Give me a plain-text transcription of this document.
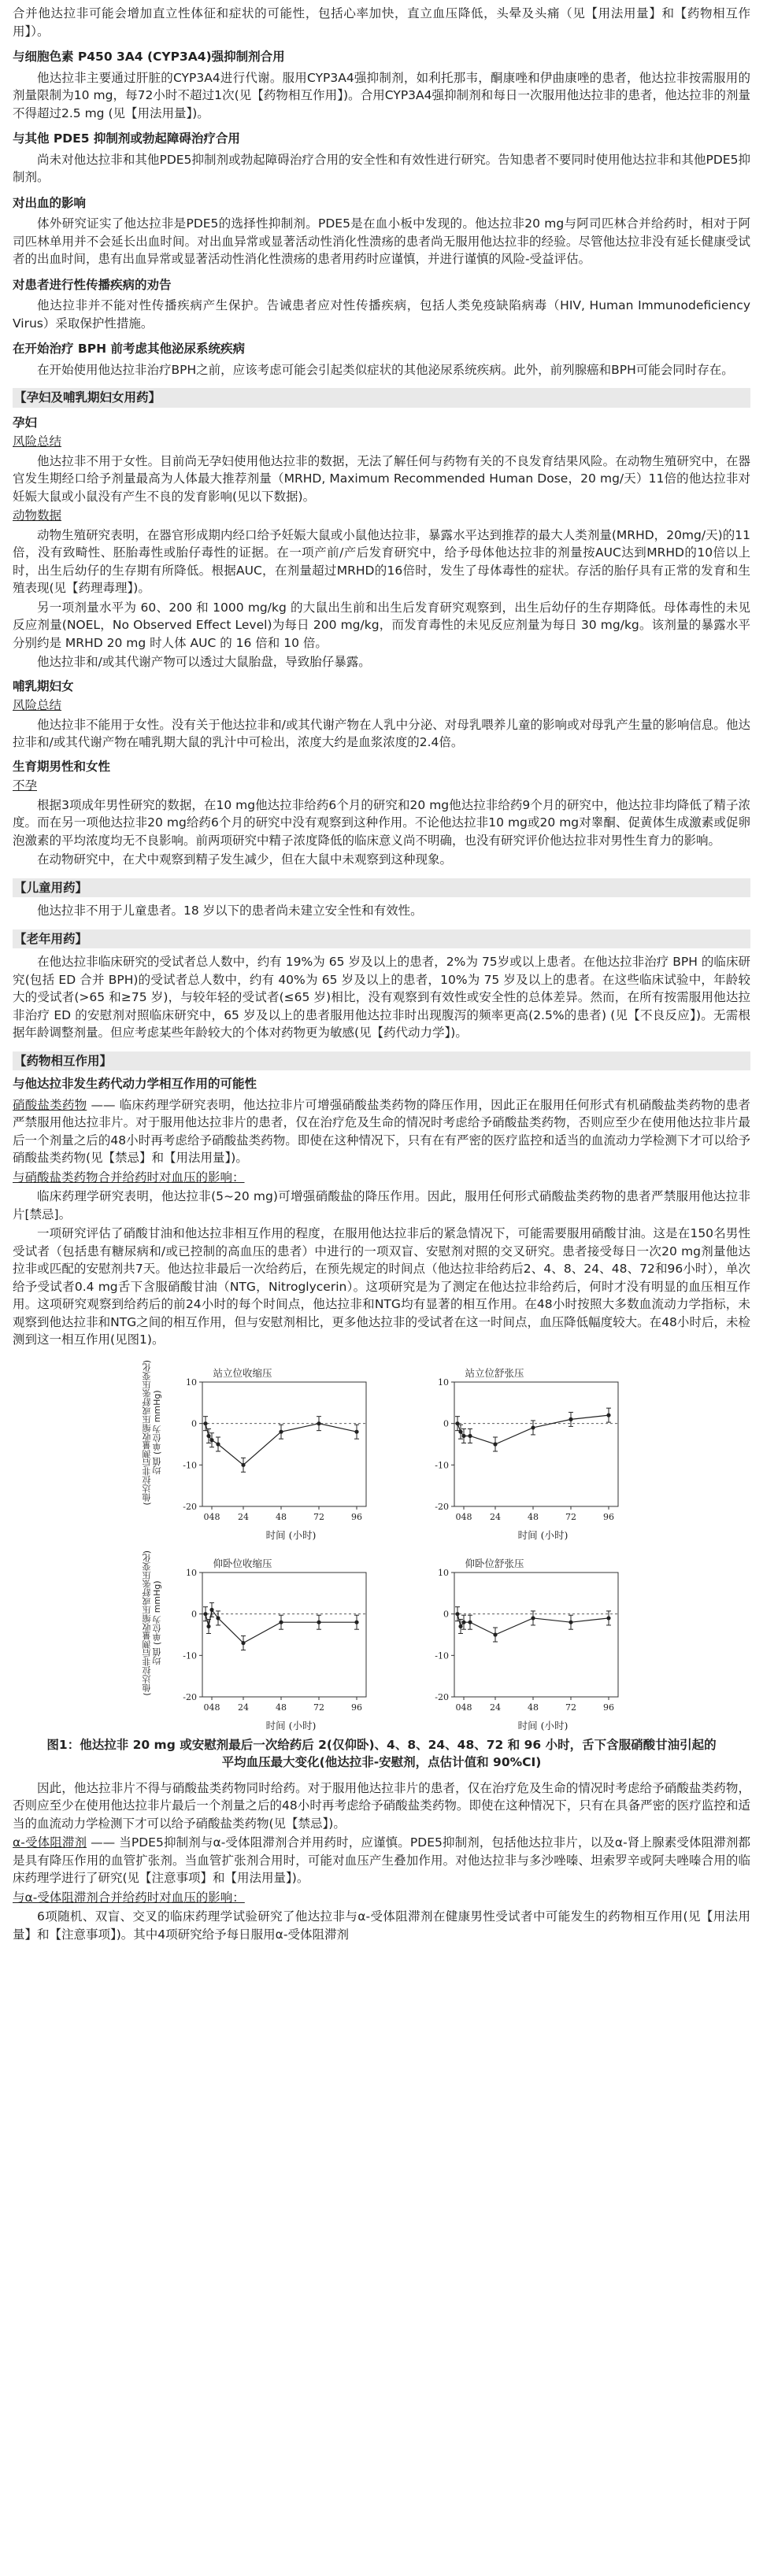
合并他达拉非可能会增加直立性体征和症状的可能性，包括心率加快，直立血压降低，头晕及头痛（见【用法用量】和【药物相互作用】）。

与细胞色素 P450 3A4 (CYP3A4)强抑制剂合用

他达拉非主要通过肝脏的CYP3A4进行代谢。服用CYP3A4强抑制剂，如利托那韦，酮康唑和伊曲康唑的患者，他达拉非按需服用的剂量限制为10 mg，每72小时不超过1次(见【药物相互作用】)。合用CYP3A4强抑制剂和每日一次服用他达拉非的患者，他达拉非的剂量不得超过2.5 mg (见【用法用量】)。

与其他 PDE5 抑制剂或勃起障碍治疗合用

尚未对他达拉非和其他PDE5抑制剂或勃起障碍治疗合用的安全性和有效性进行研究。告知患者不要同时使用他达拉非和其他PDE5抑制剂。

对出血的影响

体外研究证实了他达拉非是PDE5的选择性抑制剂。PDE5是在血小板中发现的。他达拉非20 mg与阿司匹林合并给药时，相对于阿司匹林单用并不会延长出血时间。对出血异常或显著活动性消化性溃疡的患者尚无服用他达拉非的经验。尽管他达拉非没有延长健康受试者的出血时间，患有出血异常或显著活动性消化性溃疡的患者用药时应谨慎，并进行谨慎的风险-受益评估。

对患者进行性传播疾病的劝告

他达拉非并不能对性传播疾病产生保护。告诫患者应对性传播疾病，包括人类免疫缺陷病毒（HIV, Human Immunodeficiency Virus）采取保护性措施。

在开始治疗 BPH 前考虑其他泌尿系统疾病

在开始使用他达拉非治疗BPH之前，应该考虑可能会引起类似症状的其他泌尿系统疾病。此外，前列腺癌和BPH可能会同时存在。

【孕妇及哺乳期妇女用药】
孕妇
风险总结

他达拉非不用于女性。目前尚无孕妇使用他达拉非的数据，无法了解任何与药物有关的不良发育结果风险。在动物生殖研究中，在器官发生期经口给予剂量最高为人体最大推荐剂量（MRHD, Maximum Recommended Human Dose，20 mg/天）11倍的他达拉非对妊娠大鼠或小鼠没有产生不良的发育影响(见以下数据)。

动物数据

动物生殖研究表明，在器官形成期内经口给予妊娠大鼠或小鼠他达拉非，暴露水平达到推荐的最大人类剂量(MRHD，20mg/天)的11倍，没有致畸性、胚胎毒性或胎仔毒性的证据。在一项产前/产后发育研究中，给予母体他达拉非的剂量按AUC达到MRHD的10倍以上时，出生后幼仔的生存期有所降低。根据AUC，在剂量超过MRHD的16倍时，发生了母体毒性的症状。存活的胎仔具有正常的发育和生殖表现(见【药理毒理】)。

另一项剂量水平为 60、200 和 1000 mg/kg 的大鼠出生前和出生后发育研究观察到，出生后幼仔的生存期降低。母体毒性的未见反应剂量(NOEL，No Observed Effect Level)为每日 200 mg/kg，而发育毒性的未见反应剂量为每日 30 mg/kg。该剂量的暴露水平分别约是 MRHD 20 mg 时人体 AUC 的 16 倍和 10 倍。

他达拉非和/或其代谢产物可以透过大鼠胎盘，导致胎仔暴露。

哺乳期妇女
风险总结

他达拉非不能用于女性。没有关于他达拉非和/或其代谢产物在人乳中分泌、对母乳喂养儿童的影响或对母乳产生量的影响信息。他达拉非和/或其代谢产物在哺乳期大鼠的乳汁中可检出，浓度大约是血浆浓度的2.4倍。

生育期男性和女性
不孕

根据3项成年男性研究的数据，在10 mg他达拉非给药6个月的研究和20 mg他达拉非给药9个月的研究中，他达拉非均降低了精子浓度。而在另一项他达拉非20 mg给药6个月的研究中没有观察到这种作用。不论他达拉非10 mg或20 mg对睾酮、促黄体生成激素或促卵泡激素的平均浓度均无不良影响。前两项研究中精子浓度降低的临床意义尚不明确，也没有研究评价他达拉非对男性生育力的影响。

在动物研究中，在犬中观察到精子发生减少，但在大鼠中未观察到这种现象。

【儿童用药】

他达拉非不用于儿童患者。18 岁以下的患者尚未建立安全性和有效性。

【老年用药】

在他达拉非临床研究的受试者总人数中，约有 19%为 65 岁及以上的患者，2%为 75岁或以上患者。在他达拉非治疗 BPH 的临床研究(包括 ED 合并 BPH)的受试者总人数中，约有 40%为 65 岁及以上的患者，10%为 75 岁及以上的患者。在这些临床试验中，年龄较大的受试者(>65 和≥75 岁)，与较年轻的受试者(≤65 岁)相比，没有观察到有效性或安全性的总体差异。然而，在所有按需服用他达拉非治疗 ED 的安慰剂对照临床研究中，65 岁及以上的患者服用他达拉非时出现腹泻的频率更高(2.5%的患者) (见【不良反应】)。无需根据年龄调整剂量。但应考虑某些年龄较大的个体对药物更为敏感(见【药代动力学】)。

【药物相互作用】
与他达拉非发生药代动力学相互作用的可能性

硝酸盐类药物 —— 临床药理学研究表明，他达拉非片可增强硝酸盐类药物的降压作用，因此正在服用任何形式有机硝酸盐类药物的患者严禁服用他达拉非片。对于服用他达拉非片的患者，仅在治疗危及生命的情况时考虑给予硝酸盐类药物，否则应至少在使用他达拉非片最后一个剂量之后的48小时再考虑给予硝酸盐类药物。即使在这种情况下，只有在有严密的医疗监控和适当的血流动力学检测下才可以给予硝酸盐类药物(见【禁忌】和【用法用量】)。

与硝酸盐类药物合并给药时对血压的影响：

临床药理学研究表明，他达拉非(5~20 mg)可增强硝酸盐的降压作用。因此，服用任何形式硝酸盐类药物的患者严禁服用他达拉非片[禁忌]。

一项研究评估了硝酸甘油和他达拉非相互作用的程度，在服用他达拉非后的紧急情况下，可能需要服用硝酸甘油。这是在150名男性受试者（包括患有糖尿病和/或已控制的高血压的患者）中进行的一项双盲、安慰剂对照的交叉研究。患者接受每日一次20 mg剂量他达拉非或匹配的安慰剂共7天。他达拉非最后一次给药后，在预先规定的时间点（他达拉非给药后2、4、8、24、48、72和96小时），单次给予受试者0.4 mg舌下含服硝酸甘油（NTG，Nitroglycerin）。这项研究是为了测定在他达拉非给药后，何时才没有明显的血压相互作用。这项研究观察到给药后的前24小时的每个时间点，他达拉非和NTG均有显著的相互作用。在48小时按照大多数血流动力学指标，未观察到他达拉非和NTG之间的相互作用，但与安慰剂相比，更多他达拉非的受试者在这一时间点，血压降低幅度较大。在48小时后，未检测到这一相互作用(见图1)。

(他达拉非后测量收缩压或舒张压变化)
均值 (单位为 mmHg)
10
0
-10
-20
048 24	48	72	96
站立位收缩压
时间 (小时)
10
0
-10
-20
048 24	48	72	96
站立位舒张压
时间 (小时)
(他达拉非后测量收缩压或舒张压变化)
均值 (单位为 mmHg)
10
0
-10
-20
048 24	48	72	96
仰卧位收缩压
时间 (小时)
10
0
-10
-20
048 24	48	72	96
仰卧位舒张压
时间 (小时)
图1：他达拉非 20 mg 或安慰剂最后一次给药后 2(仅仰卧)、4、8、24、48、72 和 96 小时，舌下含服硝酸甘油引起的平均血压最大变化(他达拉非-安慰剂，点估计值和 90%CI)

因此，他达拉非片不得与硝酸盐类药物同时给药。对于服用他达拉非片的患者，仅在治疗危及生命的情况时考虑给予硝酸盐类药物，否则应至少在使用他达拉非片最后一个剂量之后的48小时再考虑给予硝酸盐类药物。即使在这种情况下，只有在具备严密的医疗监控和适当的血流动力学检测下才可以给予硝酸盐类药物(见【禁忌】)。

α-受体阻滞剂 —— 当PDE5抑制剂与α-受体阻滞剂合并用药时，应谨慎。PDE5抑制剂，包括他达拉非片，以及α-肾上腺素受体阻滞剂都是具有降压作用的血管扩张剂。当血管扩张剂合用时，可能对血压产生叠加作用。对他达拉非与多沙唑嗪、坦索罗辛或阿夫唑嗪合用的临床药理学进行了研究(见【注意事项】和【用法用量】)。

与α-受体阻滞剂合并给药时对血压的影响：

6项随机、双盲、交叉的临床药理学试验研究了他达拉非与α-受体阻滞剂在健康男性受试者中可能发生的药物相互作用(见【用法用量】和【注意事项】)。其中4项研究给予每日服用α-受体阻滞剂
